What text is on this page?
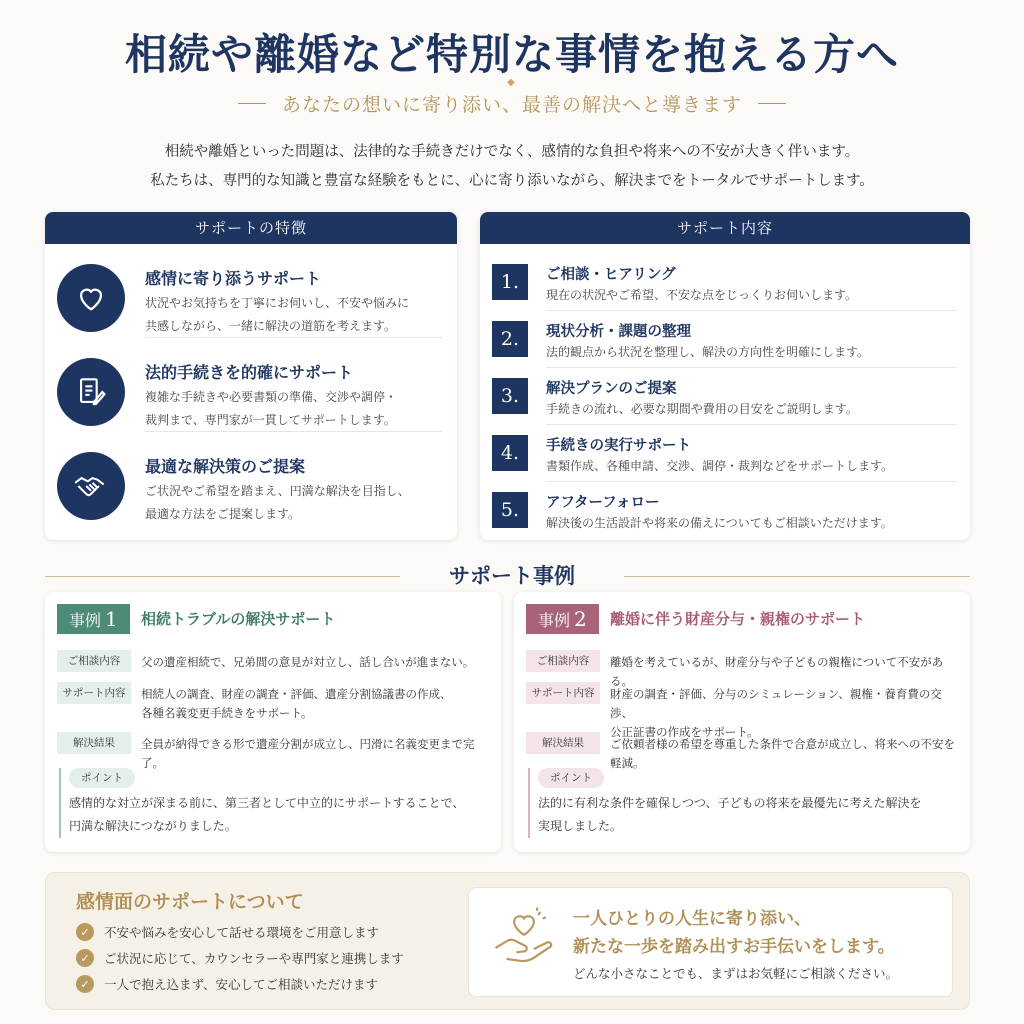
相続や離婚など特別な事情を抱える方へ
◆
あなたの想いに寄り添い、最善の解決へと導きます
相続や離婚といった問題は、法律的な手続きだけでなく、感情的な負担や将来への不安が大きく伴います。
私たちは、専門的な知識と豊富な経験をもとに、心に寄り添いながら、解決までをトータルでサポートします。
サポートの特徴
感情に寄り添うサポート
状況やお気持ちを丁寧にお伺いし、不安や悩みに
共感しながら、一緒に解決の道筋を考えます。
法的手続きを的確にサポート
複雑な手続きや必要書類の準備、交渉や調停・
裁判まで、専門家が一貫してサポートします。
最適な解決策のご提案
ご状況やご希望を踏まえ、円満な解決を目指し、
最適な方法をご提案します。
サポート内容
1.	ご相談・ヒアリング
現在の状況やご希望、不安な点をじっくりお伺いします。
2.	現状分析・課題の整理
法的観点から状況を整理し、解決の方向性を明確にします。
3.	解決プランのご提案
手続きの流れ、必要な期間や費用の目安をご説明します。
4.	手続きの実行サポート
書類作成、各種申請、交渉、調停・裁判などをサポートします。
5.	アフターフォロー
解決後の生活設計や将来の備えについてもご相談いただけます。
サポート事例
事例 1 相続トラブルの解決サポート
ご相談内容	父の遺産相続で、兄弟間の意見が対立し、話し合いが進まない。
サポート内容	相続人の調査、財産の調査・評価、遺産分割協議書の作成、
各種名義変更手続きをサポート。
解決結果	全員が納得できる形で遺産分割が成立し、円滑に名義変更まで完了。
ポイント
感情的な対立が深まる前に、第三者として中立的にサポートすることで、
円満な解決につながりました。
事例 2 離婚に伴う財産分与・親権のサポート
ご相談内容	離婚を考えているが、財産分与や子どもの親権について不安がある。
サポート内容	財産の調査・評価、分与のシミュレーション、親権・養育費の交渉、
公正証書の作成をサポート。
解決結果	ご依頼者様の希望を尊重した条件で合意が成立し、将来への不安を軽減。
ポイント
法的に有利な条件を確保しつつ、子どもの将来を最優先に考えた解決を
実現しました。
感情面のサポートについて
✓	不安や悩みを安心して話せる環境をご用意します
✓	ご状況に応じて、カウンセラーや専門家と連携します
✓	一人で抱え込まず、安心してご相談いただけます
一人ひとりの人生に寄り添い、
新たな一歩を踏み出すお手伝いをします。
どんな小さなことでも、まずはお気軽にご相談ください。
